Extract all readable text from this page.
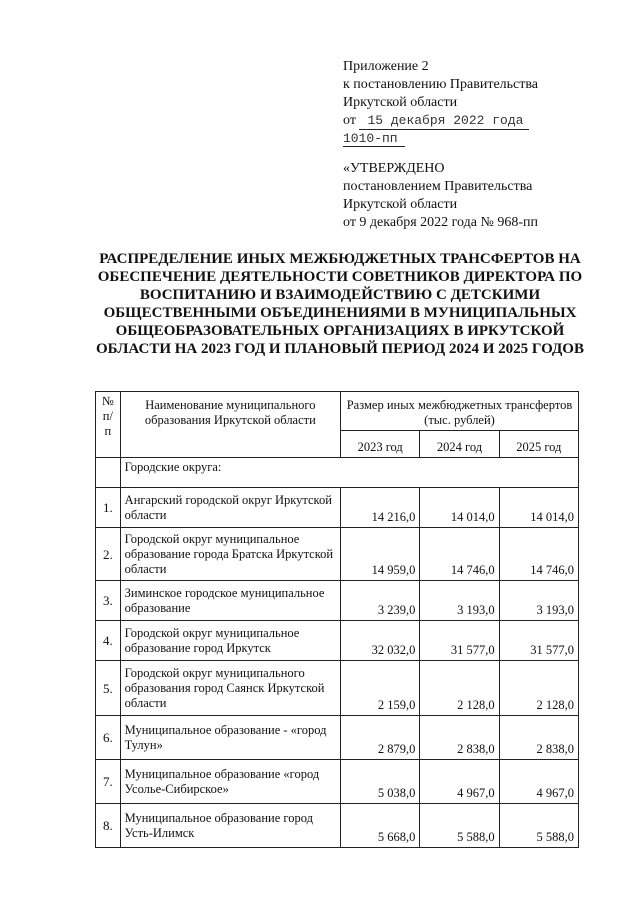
Приложение 2
к постановлению Правительства
Иркутской области
от 15 декабря 2022 года
1010-пп
«УТВЕРЖДЕНО
постановлением Правительства
Иркутской области
от 9 декабря 2022 года № 968-пп
РАСПРЕДЕЛЕНИЕ ИНЫХ МЕЖБЮДЖЕТНЫХ ТРАНСФЕРТОВ НА
ОБЕСПЕЧЕНИЕ ДЕЯТЕЛЬНОСТИ СОВЕТНИКОВ ДИРЕКТОРА ПО
ВОСПИТАНИЮ И ВЗАИМОДЕЙСТВИЮ С ДЕТСКИМИ
ОБЩЕСТВЕННЫМИ ОБЪЕДИНЕНИЯМИ В МУНИЦИПАЛЬНЫХ
ОБЩЕОБРАЗОВАТЕЛЬНЫХ ОРГАНИЗАЦИЯХ В ИРКУТСКОЙ
ОБЛАСТИ НА 2023 ГОД И ПЛАНОВЫЙ ПЕРИОД 2024 И 2025 ГОДОВ
№ п/п	Наименование муниципального образования Иркутской области	Размер иных межбюджетных трансфертов (тыс. рублей)		
		2023 год	2024 год	2025 год
	Городские округа:			
1.	Ангарский городской округ Иркутской области	14 216,0	14 014,0	14 014,0
2.	Городской округ муниципальное образование города Братска Иркутской области	14 959,0	14 746,0	14 746,0
3.	Зиминское городское муниципальное образование	3 239,0	3 193,0	3 193,0
4.	Городской округ муниципальное образование город Иркутск	32 032,0	31 577,0	31 577,0
5.	Городской округ муниципального образования город Саянск Иркутской области	2 159,0	2 128,0	2 128,0
6.	Муниципальное образование - «город Тулун»	2 879,0	2 838,0	2 838,0
7.	Муниципальное образование «город Усолье-Сибирское»	5 038,0	4 967,0	4 967,0
8.	Муниципальное образование город Усть-Илимск	5 668,0	5 588,0	5 588,0
